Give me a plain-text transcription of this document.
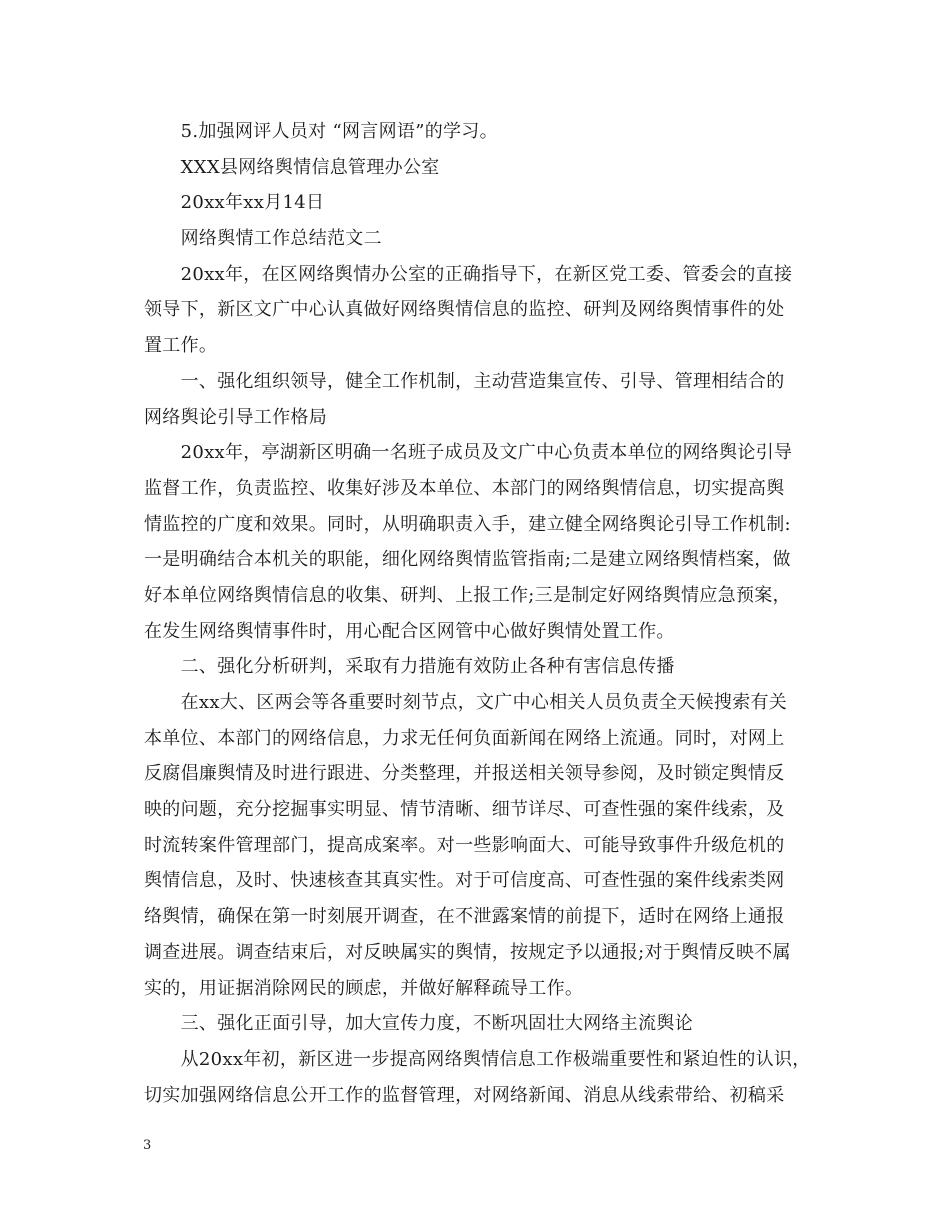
　　5.加强网评人员对 “网言网语”的学习。
　　XXX县网络舆情信息管理办公室
　　20xx年xx月14日
　　网络舆情工作总结范文二
　　20xx年，在区网络舆情办公室的正确指导下，在新区党工委、管委会的直接
领导下，新区文广中心认真做好网络舆情信息的监控、研判及网络舆情事件的处
置工作。
　　一、强化组织领导，健全工作机制，主动营造集宣传、引导、管理相结合的
网络舆论引导工作格局
　　20xx年，亭湖新区明确一名班子成员及文广中心负责本单位的网络舆论引导
监督工作，负责监控、收集好涉及本单位、本部门的网络舆情信息，切实提高舆
情监控的广度和效果。同时，从明确职责入手，建立健全网络舆论引导工作机制:
一是明确结合本机关的职能，细化网络舆情监管指南;二是建立网络舆情档案，做
好本单位网络舆情信息的收集、研判、上报工作;三是制定好网络舆情应急预案，
在发生网络舆情事件时，用心配合区网管中心做好舆情处置工作。
　　二、强化分析研判，采取有力措施有效防止各种有害信息传播
　　在xx大、区两会等各重要时刻节点，文广中心相关人员负责全天候搜索有关
本单位、本部门的网络信息，力求无任何负面新闻在网络上流通。同时，对网上
反腐倡廉舆情及时进行跟进、分类整理，并报送相关领导参阅，及时锁定舆情反
映的问题，充分挖掘事实明显、情节清晰、细节详尽、可查性强的案件线索，及
时流转案件管理部门，提高成案率。对一些影响面大、可能导致事件升级危机的
舆情信息，及时、快速核查其真实性。对于可信度高、可查性强的案件线索类网
络舆情，确保在第一时刻展开调查，在不泄露案情的前提下，适时在网络上通报
调查进展。调查结束后，对反映属实的舆情，按规定予以通报;对于舆情反映不属
实的，用证据消除网民的顾虑，并做好解释疏导工作。
　　三、强化正面引导，加大宣传力度，不断巩固壮大网络主流舆论
　　从20xx年初，新区进一步提高网络舆情信息工作极端重要性和紧迫性的认识，
切实加强网络信息公开工作的监督管理，对网络新闻、消息从线索带给、初稿采
3
